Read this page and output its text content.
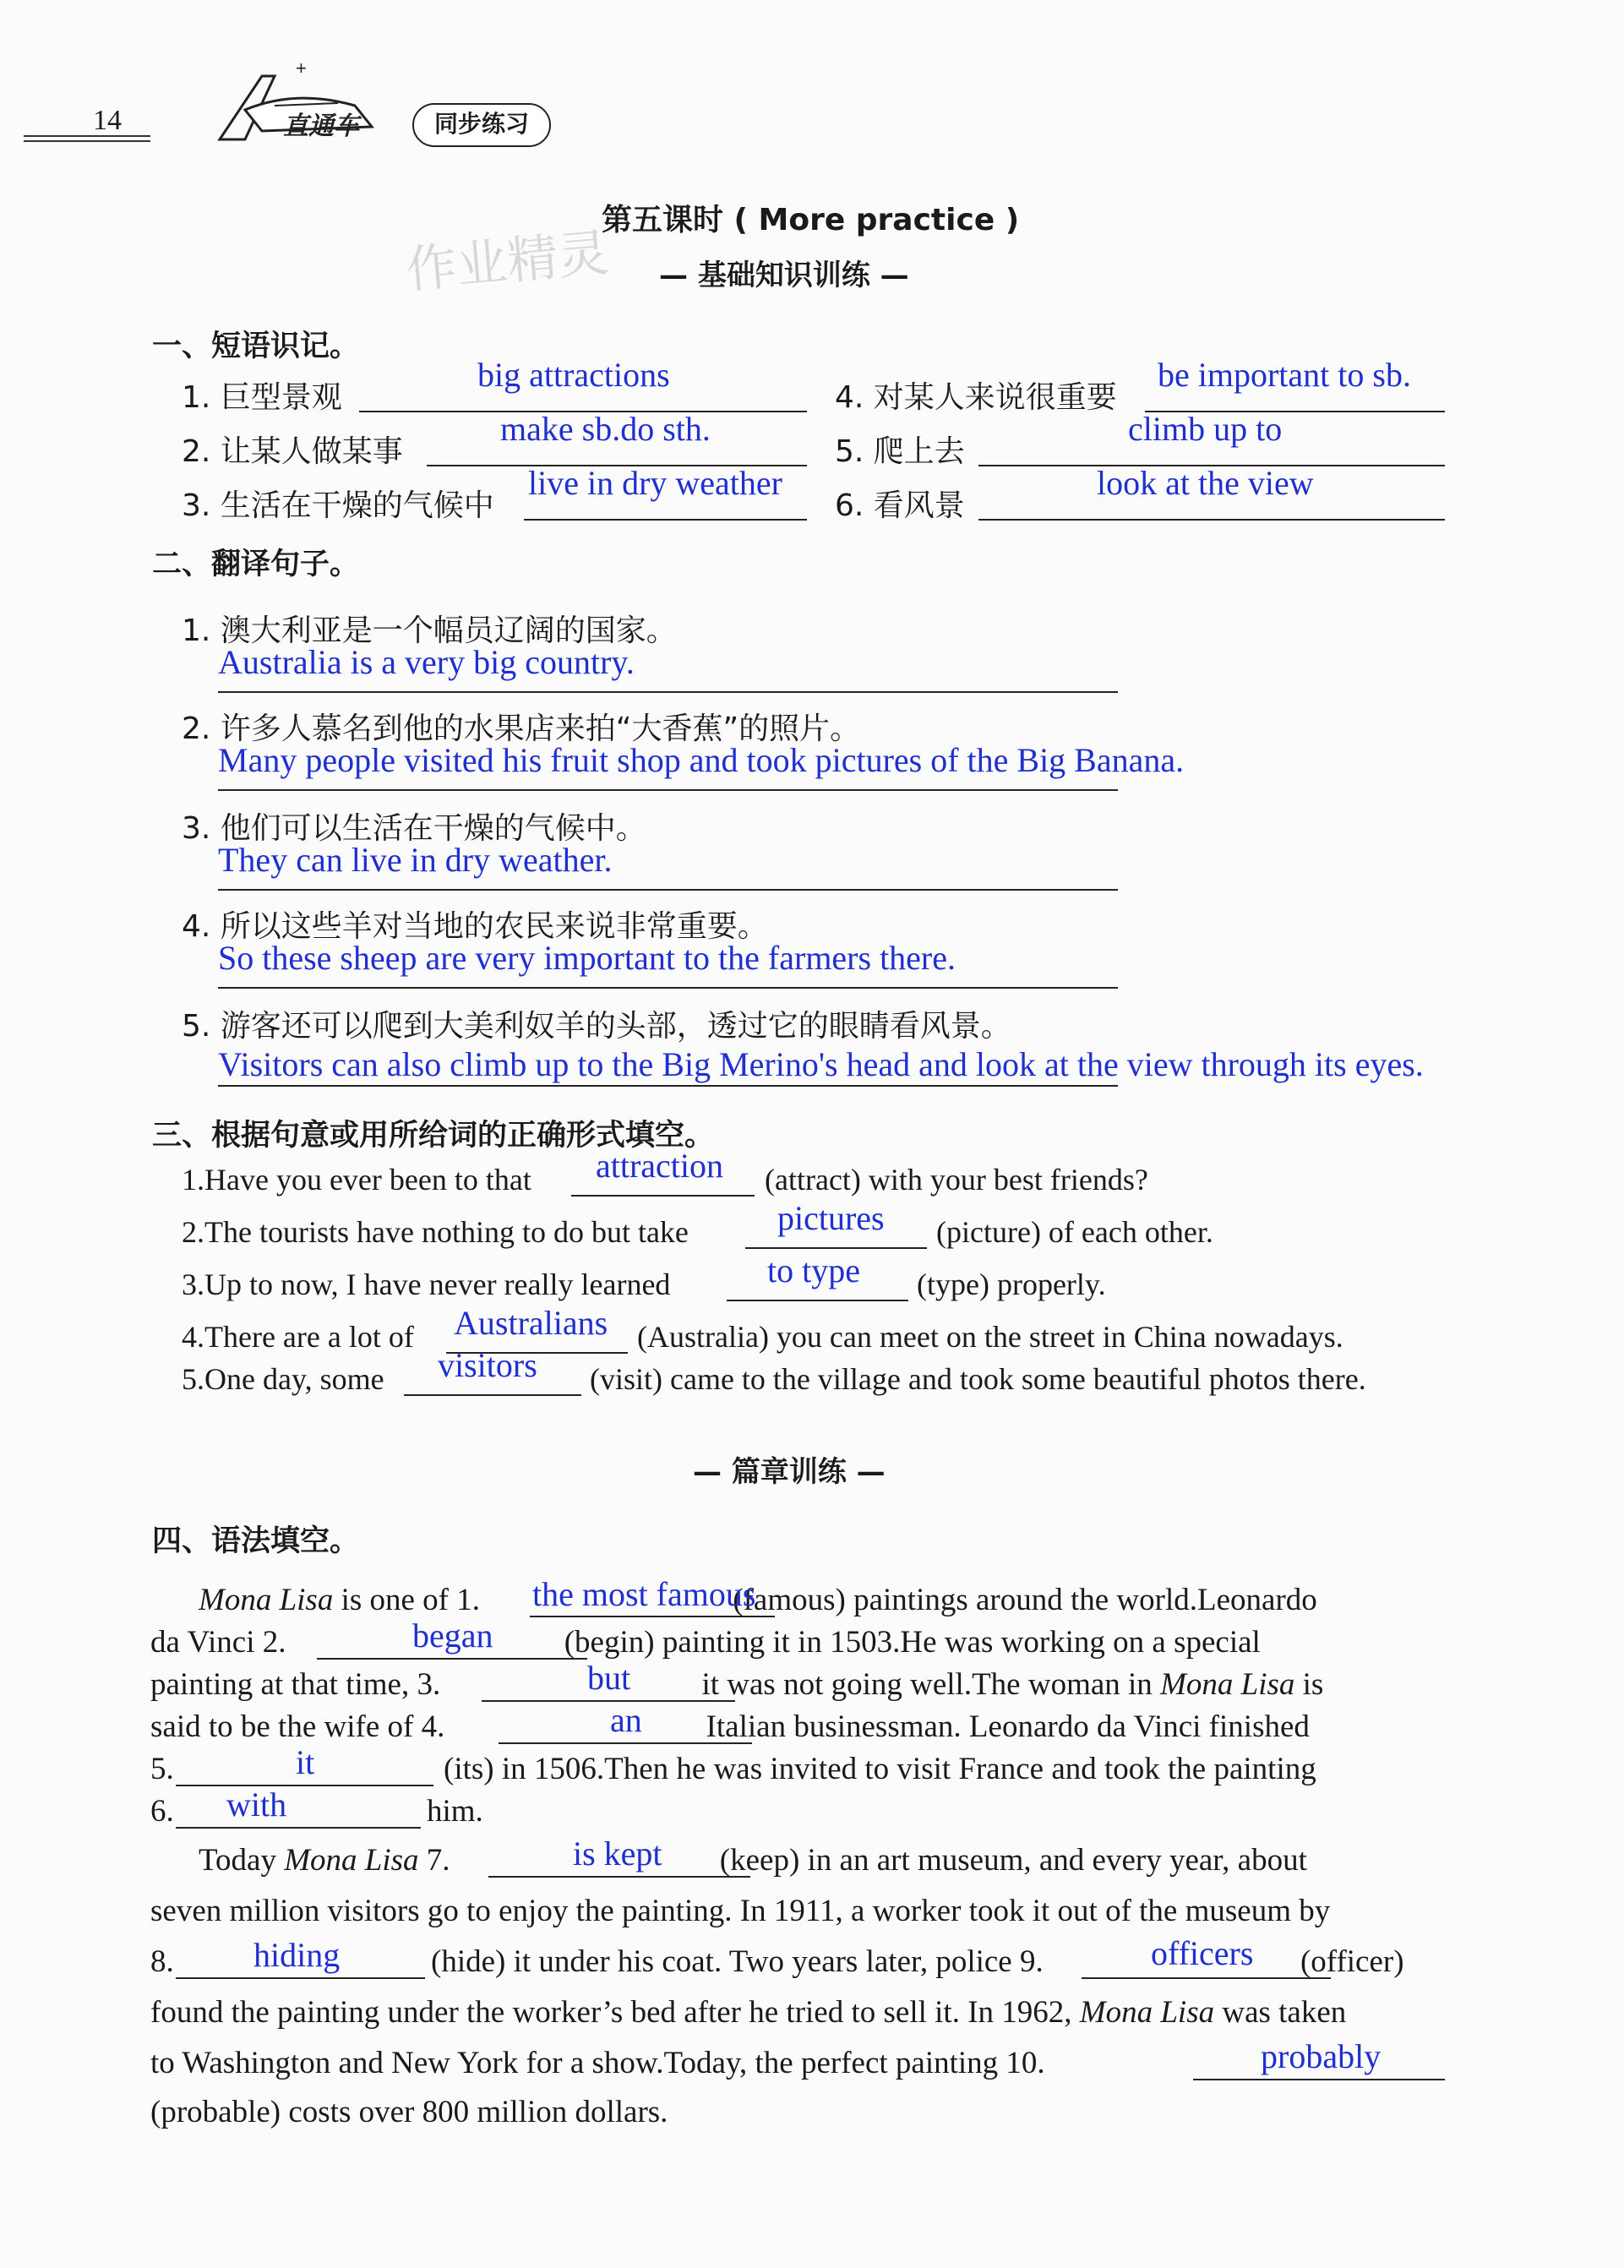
14
+
直通车	同步练习
第五课时 ( More practice )
— 基础知识训练 —
作业精灵
一、短语识记。
1. 巨型景观
big attractions
2. 让某人做某事
make sb.do sth.
3. 生活在干燥的气候中
live in dry weather
4. 对某人来说很重要
be important to sb.
5. 爬上去
climb up to
6. 看风景
look at the view
二、翻译句子。
1. 澳大利亚是一个幅员辽阔的国家。
Australia is a very big country.
2. 许多人慕名到他的水果店来拍“大香蕉”的照片。
Many people visited his fruit shop and took pictures of the Big Banana.
3. 他们可以生活在干燥的气候中。
They can live in dry weather.
4. 所以这些羊对当地的农民来说非常重要。
So these sheep are very important to the farmers there.
5. 游客还可以爬到大美利奴羊的头部，透过它的眼睛看风景。
Visitors can also climb up to the Big Merino's head and look at the view through its eyes.
三、根据句意或用所给词的正确形式填空。
1.Have you ever been to that attraction (attract) with your best friends?
2.The tourists have nothing to do but take	pictures (picture) of each other.
3.Up to now, I have never really learned	to type (type) properly.
4.There are a lot of Australians (Australia) you can meet on the street in China nowadays.
5.One day, some visitors (visit) came to the village and took some beautiful photos there.
— 篇章训练 —
四、语法填空。
Mona Lisa is one of 1.	(famous) paintings around the world.Leonardo
the most famous
da Vinci 2.	(begin) painting it in 1503.He was working on a special
began
painting at that time, 3.	it was not going well.The woman in Mona Lisa is
but
said to be the wife of 4.	Italian businessman. Leonardo da Vinci finished
an
5.	(its) in 1506.Then he was invited to visit France and took the painting
it
6.	him.
with
Today Mona Lisa 7.	(keep) in an art museum, and every year, about
is kept
seven million visitors go to enjoy the painting. In 1911, a worker took it out of the museum by
8.	(hide) it under his coat. Two years later, police 9.	(officer)
hiding	officers
found the painting under the worker’s bed after he tried to sell it. In 1962, Mona Lisa was taken
to Washington and New York for a show.Today, the perfect painting 10.	probably
(probable) costs over 800 million dollars.
